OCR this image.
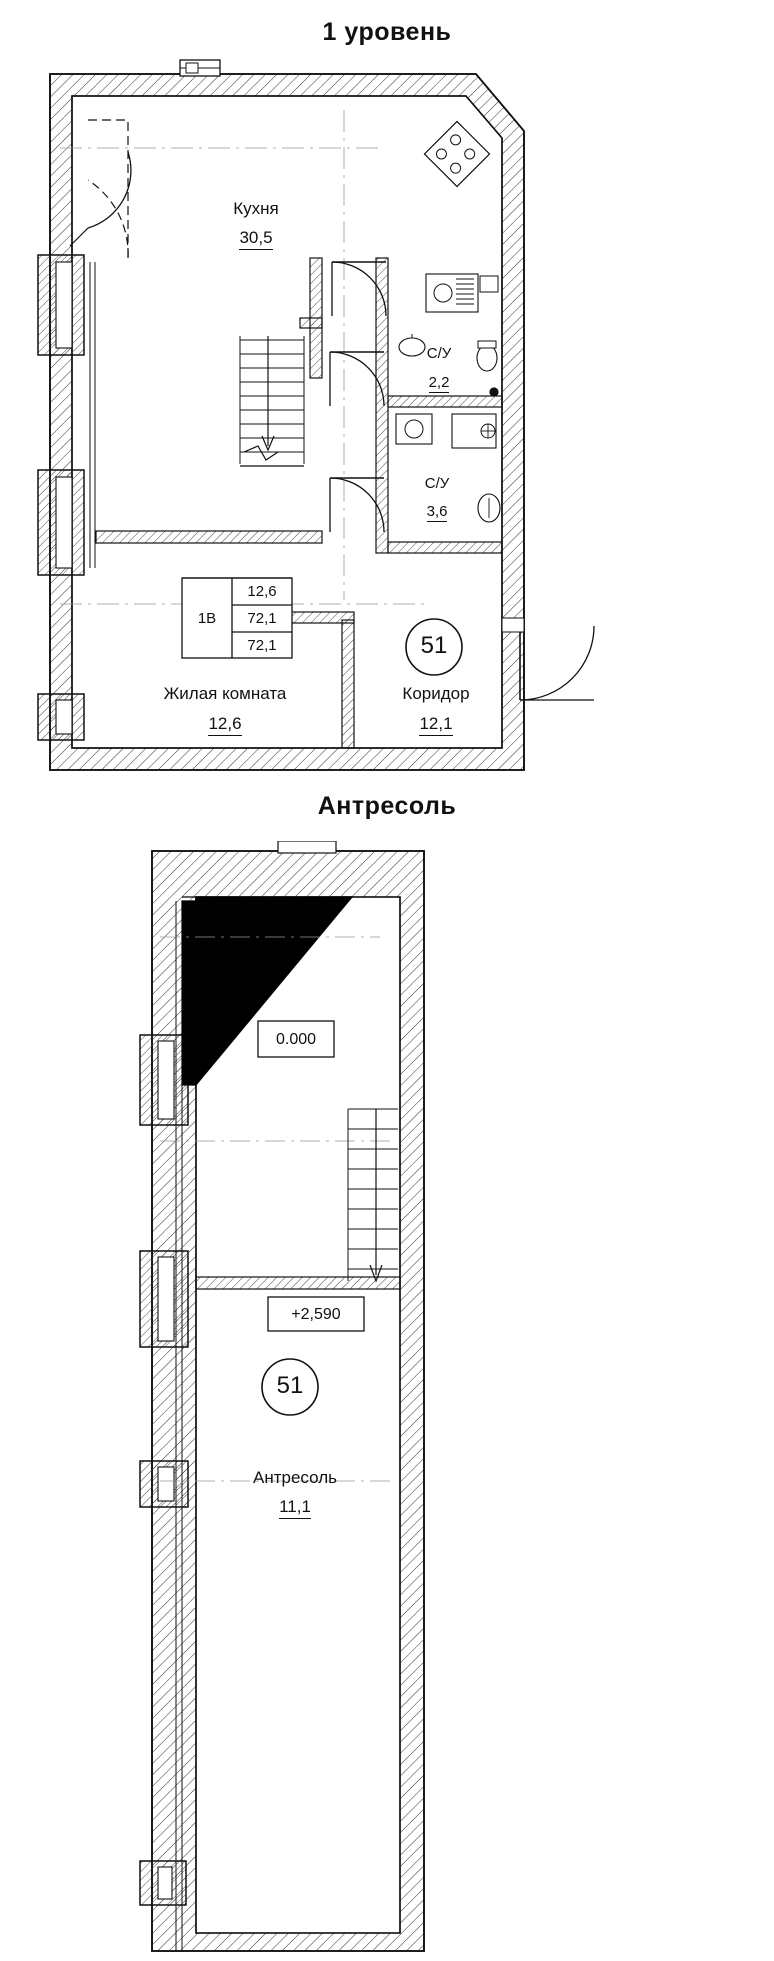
1 уровень
Кухня
30,5
С/У
2,2
С/У
3,6
Жилая комната
12,6
Коридор
12,1
1В
12,6
72,1
72,1	51
Антресоль
0.000
+2,590
51
Антресоль
11,1
